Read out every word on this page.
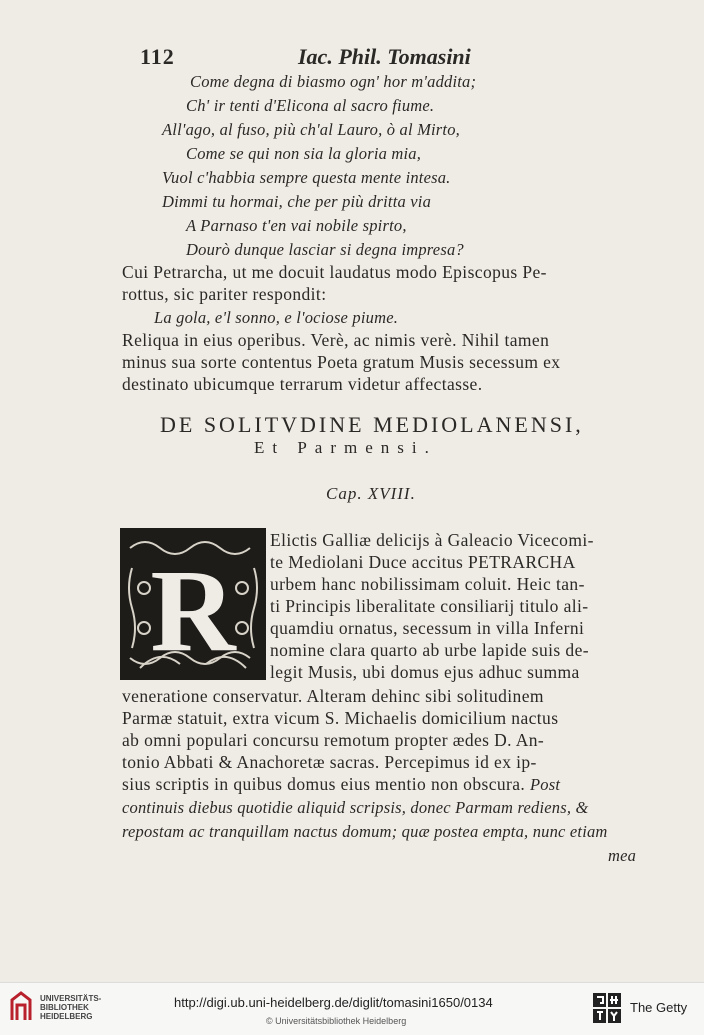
112	Iac. Phil. Tomasini
Come degna di biasmo ogn' hor m'addita;
Ch' ir tenti d'Elicona al sacro fiume.
All'ago, al fuso, più ch'al Lauro, ò al Mirto,
Come se qui non sia la gloria mia,
Vuol c'habbia sempre questa mente intesa.
Dimmi tu hormai, che per più dritta via
A Parnaso t'en vai nobile spirto,
Dourò dunque lasciar si degna impresa?
Cui Petrarcha, ut me docuit laudatus modo Episcopus Pe-
rottus, sic pariter respondit:
La gola, e'l sonno, e l'ociose piume.
Reliqua in eius operibus. Verè, ac nimis verè. Nihil tamen
minus sua sorte contentus Poeta gratum Musis secessum ex
destinato ubicumque terrarum videtur affectasse.
DE SOLITVDINE MEDIOLANENSI,
Et Parmensi.
Cap. XVIII.
R
Elictis Galliæ delicijs à Galeacio Vicecomi-
te Mediolani Duce accitus PETRARCHA
urbem hanc nobilissimam coluit. Heic tan-
ti Principis liberalitate consiliarij titulo ali-
quamdiu ornatus, secessum in villa Inferni
nomine clara quarto ab urbe lapide suis de-
legit Musis, ubi domus ejus adhuc summa
veneratione conservatur. Alteram dehinc sibi solitudinem
Parmæ statuit, extra vicum S. Michaelis domicilium nactus
ab omni populari concursu remotum propter ædes D. An-
tonio Abbati & Anachoretæ sacras. Percepimus id ex ip-
sius scriptis in quibus domus eius mentio non obscura. Post
continuis diebus quotidie aliquid scripsis, donec Parmam rediens, &
repostam ac tranquillam nactus domum; quæ postea empta, nunc etiam
mea
UNIVERSITÄTS- BIBLIOTHEK HEIDELBERG
http://digi.ub.uni-heidelberg.de/diglit/tomasini1650/0134
© Universitätsbibliothek Heidelberg
The Getty
